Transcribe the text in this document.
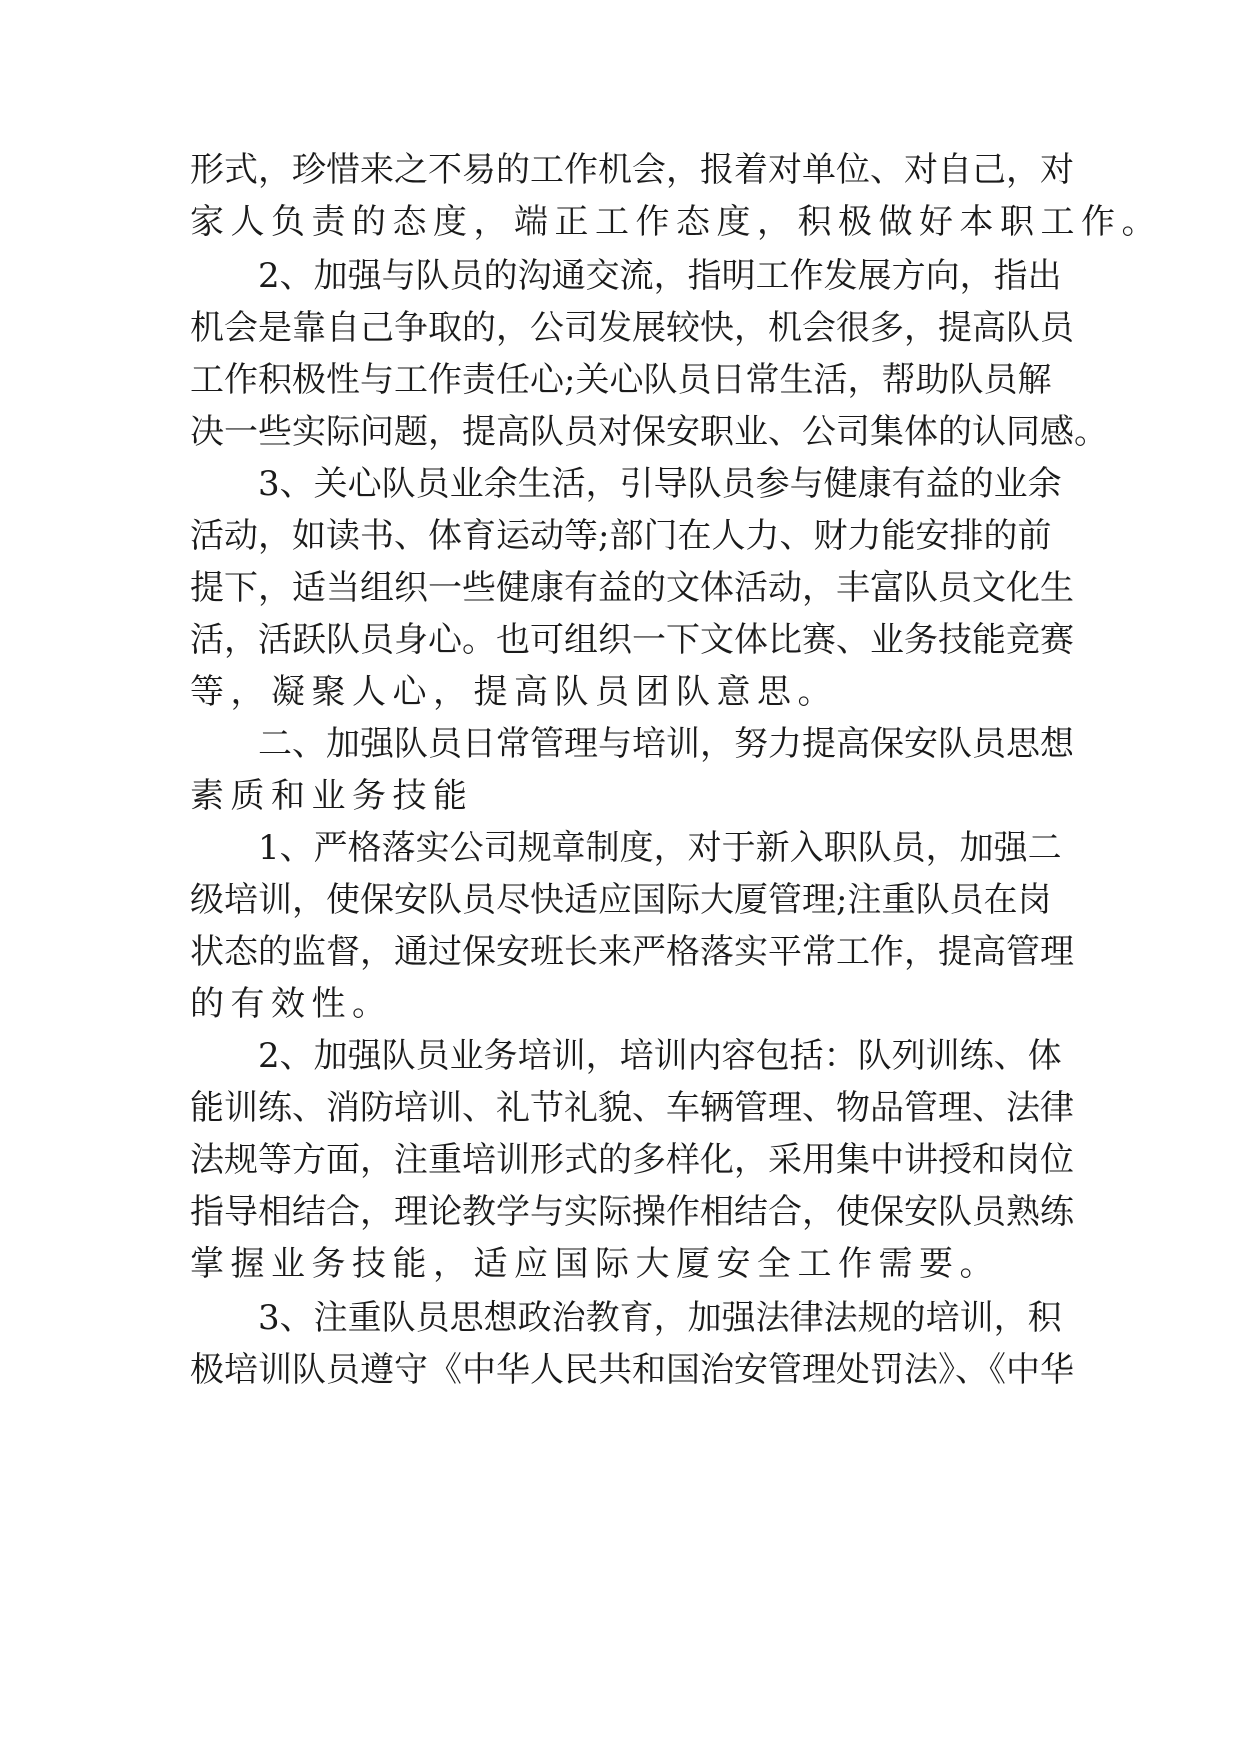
形式，珍惜来之不易的工作机会，报着对单位、对自己，对
家人负责的态度，端正工作态度，积极做好本职工作。
2、加强与队员的沟通交流，指明工作发展方向，指出
机会是靠自己争取的，公司发展较快，机会很多，提高队员
工作积极性与工作责任心;关心队员日常生活，帮助队员解
决一些实际问题，提高队员对保安职业、公司集体的认同感。
3、关心队员业余生活，引导队员参与健康有益的业余
活动，如读书、体育运动等;部门在人力、财力能安排的前
提下，适当组织一些健康有益的文体活动，丰富队员文化生
活，活跃队员身心。也可组织一下文体比赛、业务技能竞赛
等，凝聚人心，提高队员团队意思。
二、加强队员日常管理与培训，努力提高保安队员思想
素质和业务技能
1、严格落实公司规章制度，对于新入职队员，加强二
级培训，使保安队员尽快适应国际大厦管理;注重队员在岗
状态的监督，通过保安班长来严格落实平常工作，提高管理
的有效性。
2、加强队员业务培训，培训内容包括：队列训练、体
能训练、消防培训、礼节礼貌、车辆管理、物品管理、法律
法规等方面，注重培训形式的多样化，采用集中讲授和岗位
指导相结合，理论教学与实际操作相结合，使保安队员熟练
掌握业务技能，适应国际大厦安全工作需要。
3、注重队员思想政治教育，加强法律法规的培训，积
极培训队员遵守《中华人民共和国治安管理处罚法》、《中华
